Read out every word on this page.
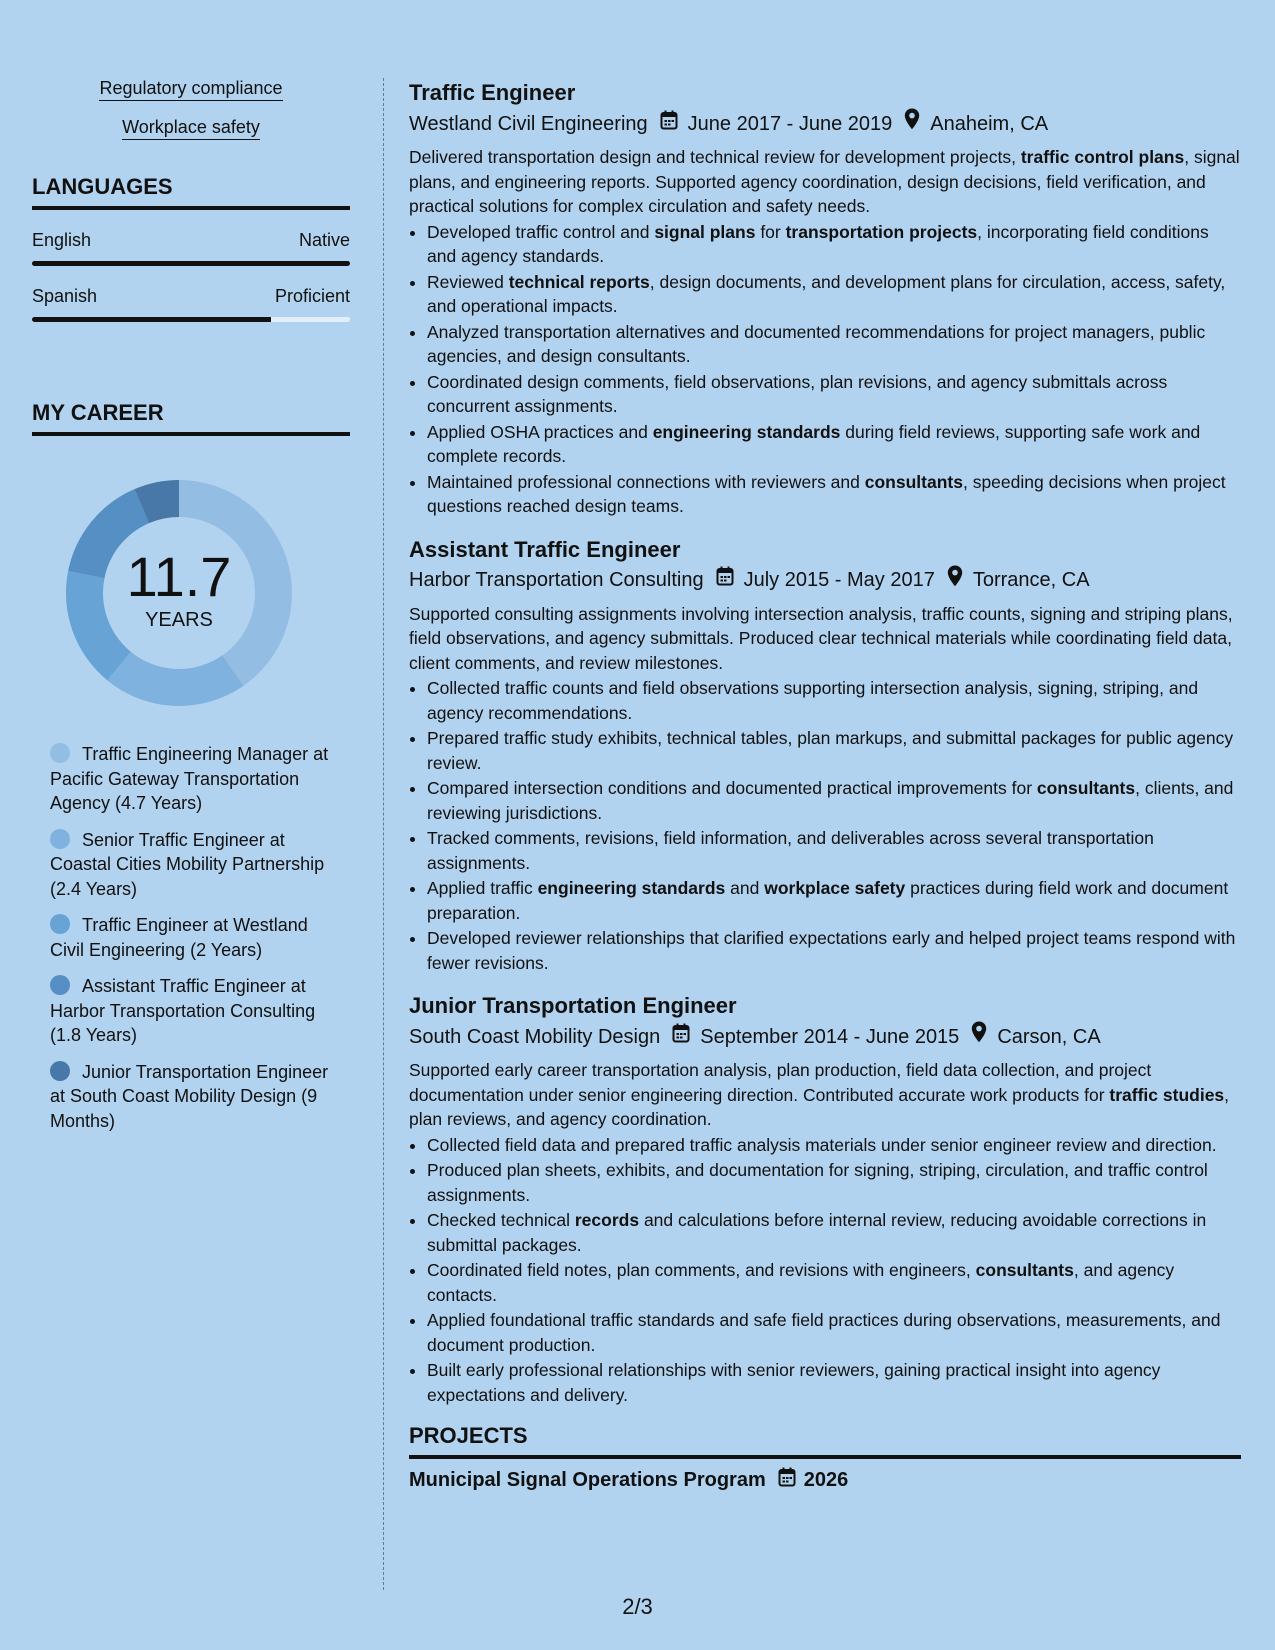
Regulatory compliance
Workplace safety
LANGUAGES
English	Native
Spanish	Proficient
MY CAREER
11.7
YEARS
Traffic Engineering Manager at Pacific Gateway Transportation Agency (4.7 Years)
Senior Traffic Engineer at Coastal Cities Mobility Partnership (2.4 Years)
Traffic Engineer at Westland Civil Engineering (2 Years)
Assistant Traffic Engineer at Harbor Transportation Consulting (1.8 Years)
Junior Transportation Engineer at South Coast Mobility Design (9 Months)
Traffic Engineer
Westland Civil Engineering June 2017 - June 2019 Anaheim, CA

Delivered transportation design and technical review for development projects, traffic control plans, signal plans, and engineering reports. Supported agency coordination, design decisions, field verification, and practical solutions for complex circulation and safety needs.

• Developed traffic control and signal plans for transportation projects, incorporating field conditions and agency standards.
• Reviewed technical reports, design documents, and development plans for circulation, access, safety, and operational impacts.
• Analyzed transportation alternatives and documented recommendations for project managers, public agencies, and design consultants.
• Coordinated design comments, field observations, plan revisions, and agency submittals across concurrent assignments.
• Applied OSHA practices and engineering standards during field reviews, supporting safe work and complete records.
• Maintained professional connections with reviewers and consultants, speeding decisions when project questions reached design teams.
Assistant Traffic Engineer
Harbor Transportation Consulting July 2015 - May 2017 Torrance, CA

Supported consulting assignments involving intersection analysis, traffic counts, signing and striping plans, field observations, and agency submittals. Produced clear technical materials while coordinating field data, client comments, and review milestones.

• Collected traffic counts and field observations supporting intersection analysis, signing, striping, and agency recommendations.
• Prepared traffic study exhibits, technical tables, plan markups, and submittal packages for public agency review.
• Compared intersection conditions and documented practical improvements for consultants, clients, and reviewing jurisdictions.
• Tracked comments, revisions, field information, and deliverables across several transportation assignments.
• Applied traffic engineering standards and workplace safety practices during field work and document preparation.
• Developed reviewer relationships that clarified expectations early and helped project teams respond with fewer revisions.
Junior Transportation Engineer
South Coast Mobility Design September 2014 - June 2015 Carson, CA

Supported early career transportation analysis, plan production, field data collection, and project documentation under senior engineering direction. Contributed accurate work products for traffic studies, plan reviews, and agency coordination.

• Collected field data and prepared traffic analysis materials under senior engineer review and direction.
• Produced plan sheets, exhibits, and documentation for signing, striping, circulation, and traffic control assignments.
• Checked technical records and calculations before internal review, reducing avoidable corrections in submittal packages.
• Coordinated field notes, plan comments, and revisions with engineers, consultants, and agency contacts.
• Applied foundational traffic standards and safe field practices during observations, measurements, and document production.
• Built early professional relationships with senior reviewers, gaining practical insight into agency expectations and delivery.
PROJECTS
Municipal Signal Operations Program 2026
2/3
